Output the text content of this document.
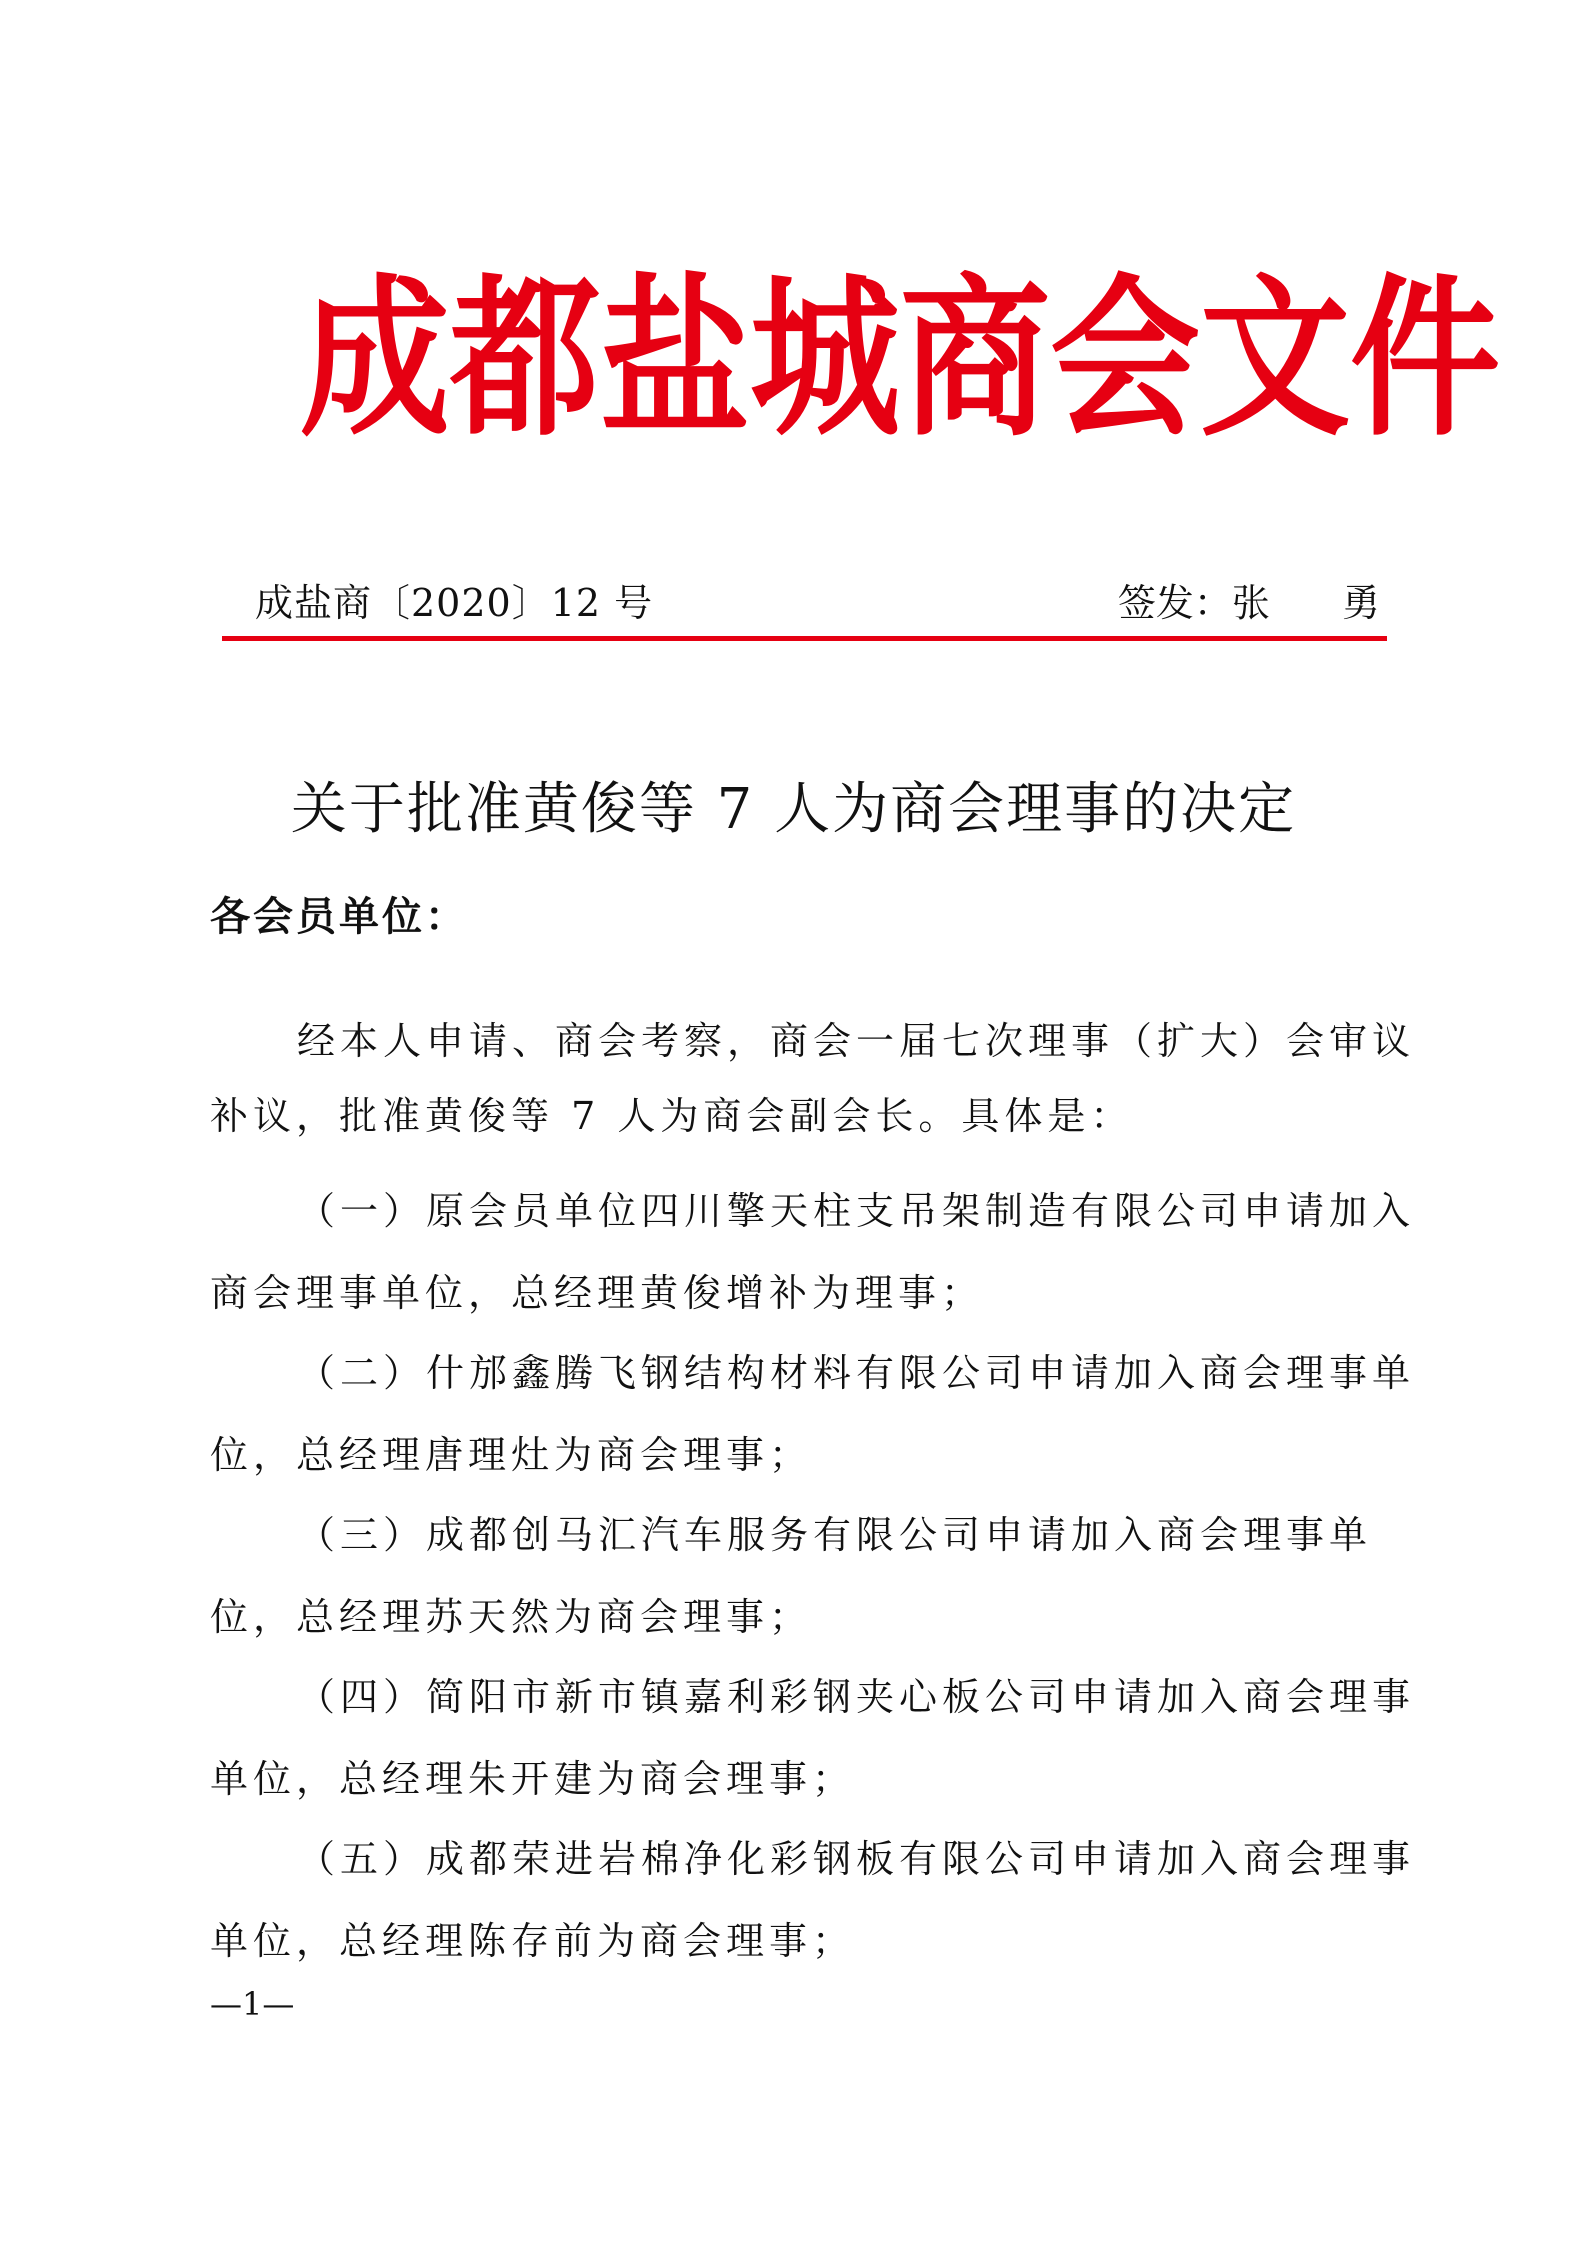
成 都 盐 城 商 会 文 件
成盐商〔2020〕12 号	签发：张 勇
关于批准黄俊等 7 人为商会理事的决定
各会员单位：
经本人申请、商会考察，商会一届七次理事（扩大）会审议
补议，批准黄俊等 7 人为商会副会长。具体是：
（一）原会员单位四川擎天柱支吊架制造有限公司申请加入
商会理事单位，总经理黄俊增补为理事；
（二）什邡鑫腾飞钢结构材料有限公司申请加入商会理事单
位，总经理唐理灶为商会理事；
（三）成都创马汇汽车服务有限公司申请加入商会理事单
位，总经理苏天然为商会理事；
（四）简阳市新市镇嘉利彩钢夹心板公司申请加入商会理事
单位，总经理朱开建为商会理事；
（五）成都荣进岩棉净化彩钢板有限公司申请加入商会理事
单位，总经理陈存前为商会理事；
—1—
